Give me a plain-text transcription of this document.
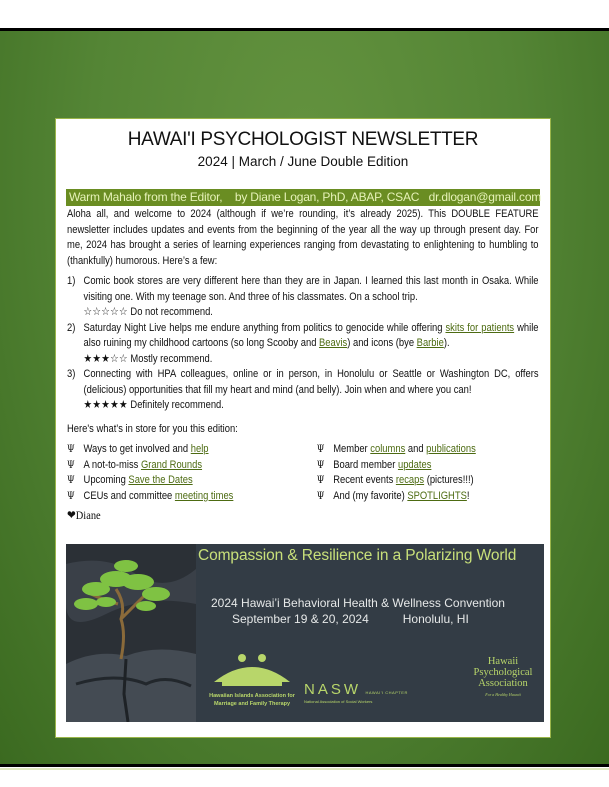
HAWAI'I PSYCHOLOGIST NEWSLETTER
2024 | March / June Double Edition
Warm Mahalo from the Editor, by Diane Logan, PhD, ABAP, CSAC dr.dlogan@gmail.com

Aloha all, and welcome to 2024 (although if we’re rounding, it’s already 2025). This DOUBLE FEATURE newsletter includes updates and events from the beginning of the year all the way up through present day. For me, 2024 has brought a series of learning experiences ranging from devastating to enlightening to humbling to (thankfully) humorous. Here’s a few:

1) Comic book stores are very different here than they are in Japan. I learned this last month in Osaka. While visiting one. With my teenage son. And three of his classmates. On a school trip.
☆☆☆☆☆ Do not recommend.
2) Saturday Night Live helps me endure anything from politics to genocide while offering skits for patients while also ruining my childhood cartoons (so long Scooby and Beavis) and icons (bye Barbie).
★★★☆☆ Mostly recommend.
3) Connecting with HPA colleagues, online or in person, in Honolulu or Seattle or Washington DC, offers (delicious) opportunities that fill my heart and mind (and belly). Join when and where you can!
★★★★★ Definitely recommend.

Here's what’s in store for you this edition:

Ψ Ways to get involved and help
Ψ A not-to-miss Grand Rounds
Ψ Upcoming Save the Dates
Ψ CEUs and committee meeting times
Ψ Member columns and publications
Ψ Board member updates
Ψ Recent events recaps (pictures!!!)
Ψ And (my favorite) SPOTLIGHTS!
❤Diane
Compassion & Resilience in a Polarizing World
2024 Hawai’i Behavioral Health & Wellness Convention
September 19 & 20, 2024	Honolulu, HI
Hawaiian Islands Association for Marriage and Family Therapy
NASW HAWAI'I CHAPTER
National Association of Social Workers
Hawaii
Psychological
Association
For a Healthy Hawaii
